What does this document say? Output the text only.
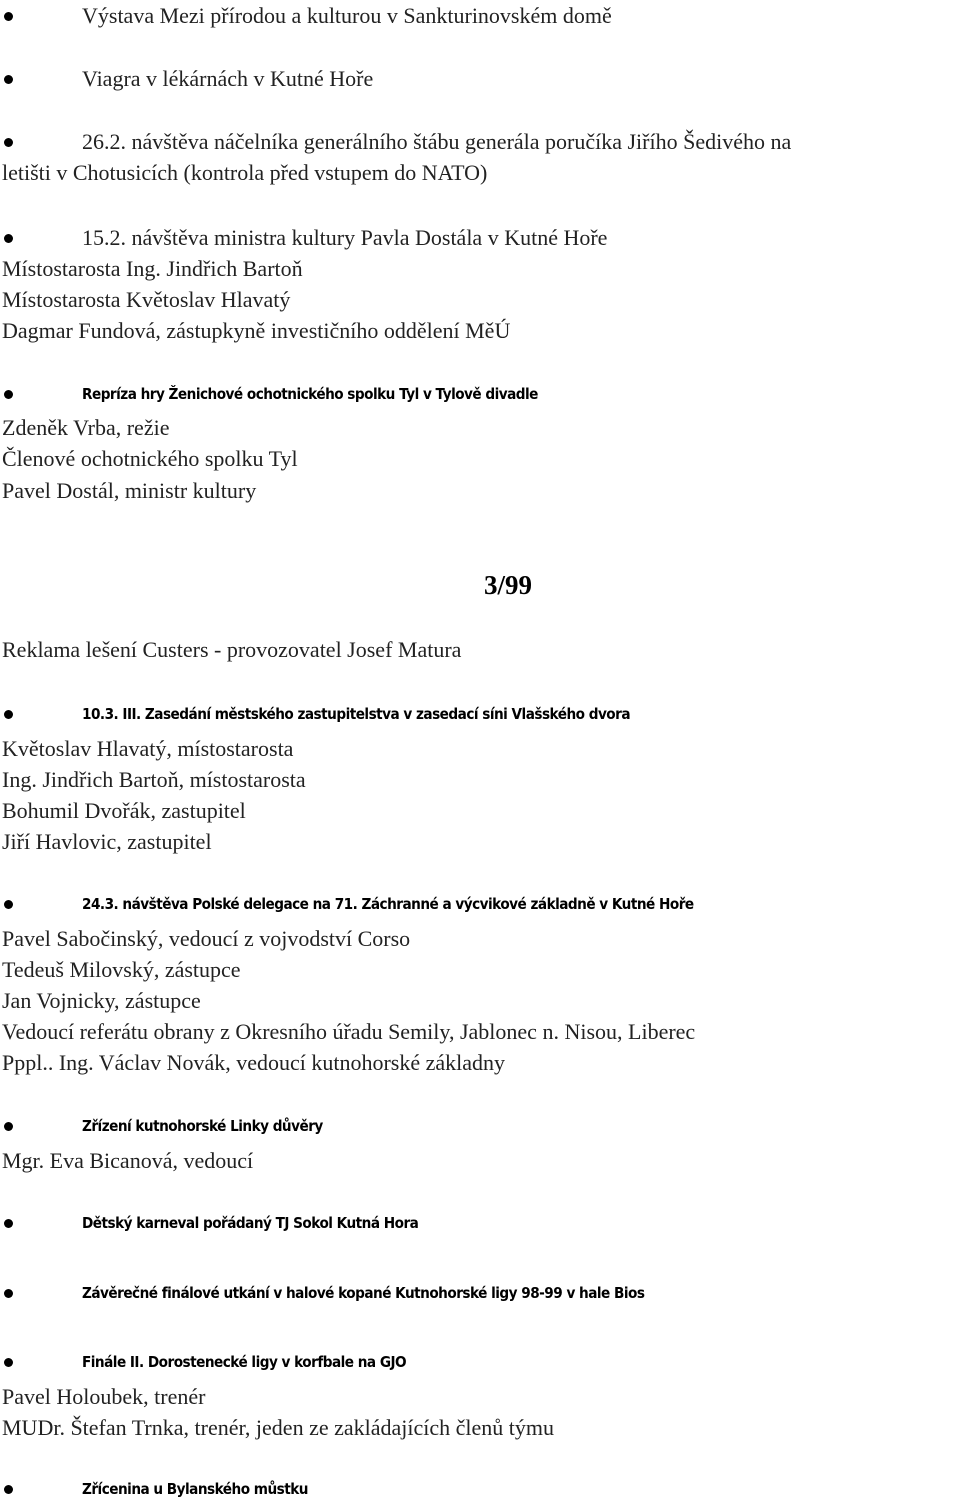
Výstava Mezi přírodou a kulturou v Sankturinovském domě
Viagra v lékárnách v Kutné Hoře
26.2. návštěva náčelníka generálního štábu generála poručíka Jiřího Šedivého na
letišti v Chotusicích (kontrola před vstupem do NATO)
15.2. návštěva ministra kultury Pavla Dostála v Kutné Hoře
Místostarosta Ing. Jindřich Bartoň
Místostarosta Květoslav Hlavatý
Dagmar Fundová, zástupkyně investičního oddělení MěÚ
Repríza hry Ženichové ochotnického spolku Tyl v Tylově divadle
Zdeněk Vrba, režie
Členové ochotnického spolku Tyl
Pavel Dostál, ministr kultury
3/99
Reklama lešení Custers - provozovatel Josef Matura
10.3. III. Zasedání městského zastupitelstva v zasedací síni Vlašského dvora
Květoslav Hlavatý, místostarosta
Ing. Jindřich Bartoň, místostarosta
Bohumil Dvořák, zastupitel
Jiří Havlovic, zastupitel
24.3. návštěva Polské delegace na 71. Záchranné a výcvikové základně v Kutné Hoře
Pavel Sabočinský, vedoucí z vojvodství Corso
Tedeuš Milovský, zástupce
Jan Vojnicky, zástupce
Vedoucí referátu obrany z Okresního úřadu Semily, Jablonec n. Nisou, Liberec
Pppl.. Ing. Václav Novák, vedoucí kutnohorské základny
Zřízení kutnohorské Linky důvěry
Mgr. Eva Bicanová, vedoucí
Dětský karneval pořádaný TJ Sokol Kutná Hora
Závěrečné finálové utkání v halové kopané Kutnohorské ligy 98-99 v hale Bios
Finále II. Dorostenecké ligy v korfbale na GJO
Pavel Holoubek, trenér
MUDr. Štefan Trnka, trenér, jeden ze zakládajících členů týmu
Zřícenina u Bylanského můstku
